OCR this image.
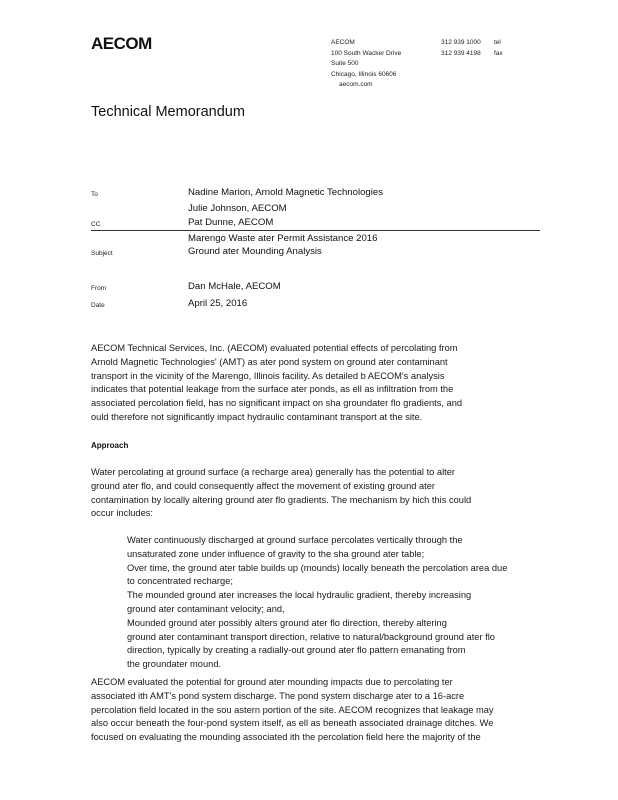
AECOM	AECOM
100 South Wacker Drive
Suite 500
Chicago, Illinois 60606
aecom.com
312 939 1000 tel
312 939 4198 fax
Technical Memorandum
To	Nadine Marion, Arnold Magnetic Technologies
Julie Johnson, AECOM
CC	Pat Dunne, AECOM
Marengo Waste ater Permit Assistance 2016
Subject	Ground ater Mounding Analysis
From	Dan McHale, AECOM
Date	April 25, 2016

AECOM Technical Services, Inc. (AECOM) evaluated potential effects of percolating from

Arnold Magnetic Technologies' (AMT) as ater pond system on ground ater contaminant

transport in the vicinity of the Marengo, Illinois facility. As detailed b AECOM's analysis

indicates that potential leakage from the surface ater ponds, as ell as infiltration from the

associated percolation field, has no significant impact on sha groundater flo gradients, and

ould therefore not significantly impact hydraulic contaminant transport at the site.

Approach

Water percolating at ground surface (a recharge area) generally has the potential to alter

ground ater flo, and could consequently affect the movement of existing ground ater

contamination by locally altering ground ater flo gradients. The mechanism by hich this could

occur includes:

Water continuously discharged at ground surface percolates vertically through the
unsaturated zone under influence of gravity to the sha ground ater table;
Over time, the ground ater table builds up (mounds) locally beneath the percolation area due
to concentrated recharge;
The mounded ground ater increases the local hydraulic gradient, thereby increasing
ground ater contaminant velocity; and,
Mounded ground ater possibly alters ground ater flo direction, thereby altering
ground ater contaminant transport direction, relative to natural/background ground ater flo
direction, typically by creating a radially-out ground ater flo pattern emanating from
the groundater mound.

AECOM evaluated the potential for ground ater mounding impacts due to percolating ter

associated ith AMT's pond system discharge. The pond system discharge ater to a 16-acre

percolation field located in the sou astern portion of the site. AECOM recognizes that leakage may

also occur beneath the four-pond system itself, as ell as beneath associated drainage ditches. We

focused on evaluating the mounding associated ith the percolation field here the majority of the
